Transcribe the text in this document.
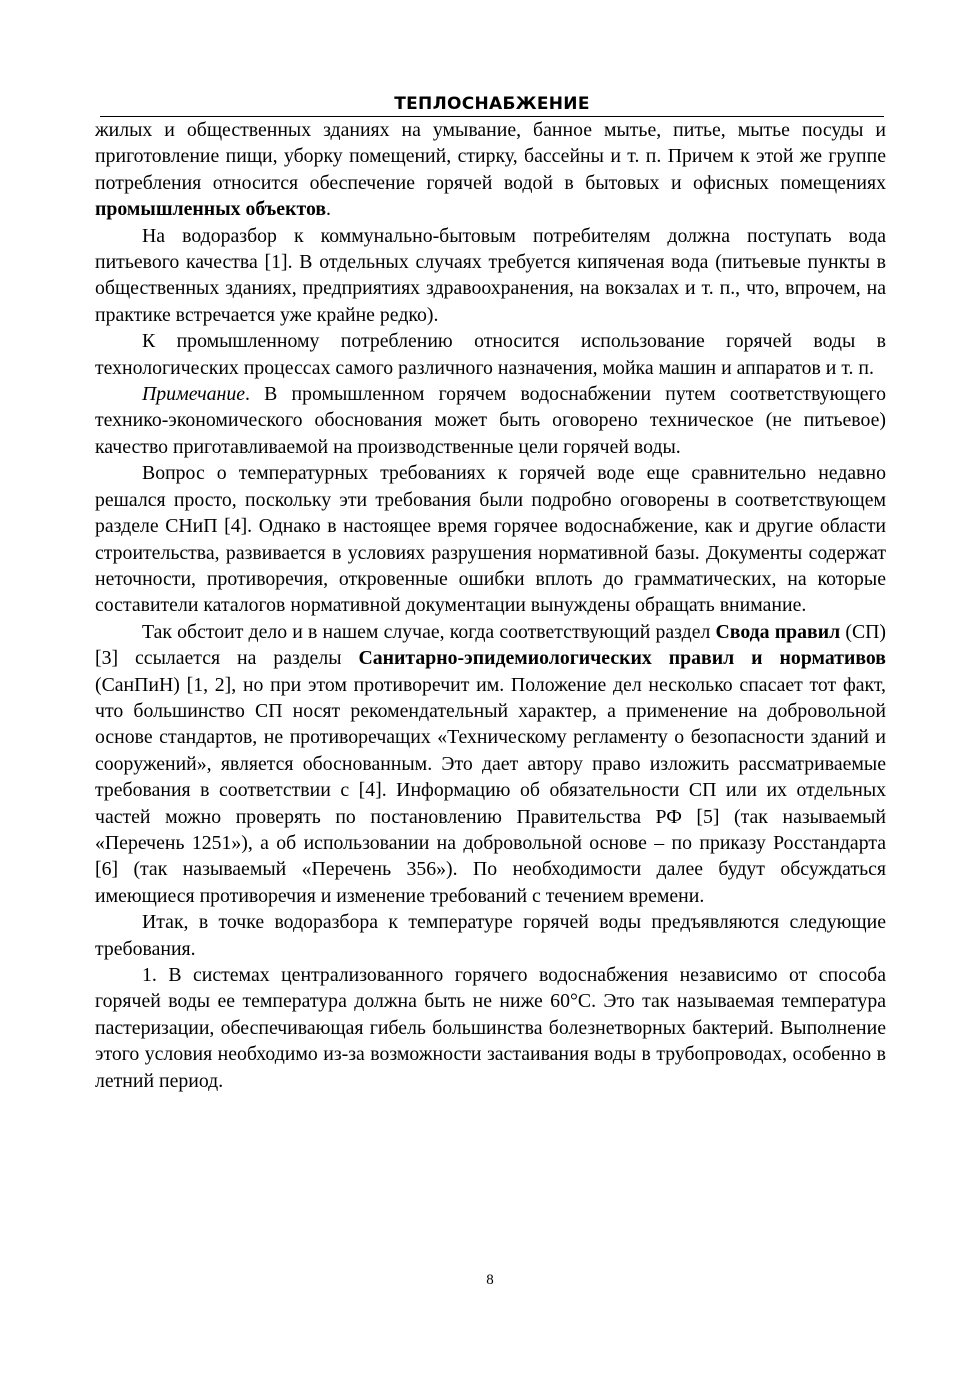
ТЕПЛОСНАБЖЕНИЕ

жилых и общественных зданиях на умывание, банное мытье, питье, мытье посуды и приготовление пищи, уборку помещений, стирку, бассейны и т. п. Причем к этой же группе потребления относится обеспечение горячей водой в бытовых и офисных помещениях промышленных объектов.

На водоразбор к коммунально-бытовым потребителям должна поступать вода питьевого качества [1]. В отдельных случаях требуется кипяченая вода (питьевые пункты в общественных зданиях, предприятиях здравоохранения, на вокзалах и т. п., что, впрочем, на практике встречается уже крайне редко).

К промышленному потреблению относится использование горячей воды в технологических процессах самого различного назначения, мойка машин и аппаратов и т. п.

Примечание. В промышленном горячем водоснабжении путем соответствующего технико-экономического обоснования может быть оговорено техническое (не питьевое) качество приготавливаемой на производственные цели горячей воды.

Вопрос о температурных требованиях к горячей воде еще сравнительно недавно решался просто, поскольку эти требования были подробно оговорены в соответствующем разделе СНиП [4]. Однако в настоящее время горячее водоснабжение, как и другие области строительства, развивается в условиях разрушения нормативной базы. Документы содержат неточности, противоречия, откровенные ошибки вплоть до грамматических, на которые составители каталогов нормативной документации вынуждены обращать внимание.

Так обстоит дело и в нашем случае, когда соответствующий раздел Свода правил (СП) [3] ссылается на разделы Санитарно-эпидемиологических правил и нормативов (СанПиН) [1, 2], но при этом противоречит им. Положение дел несколько спасает тот факт, что большинство СП носят рекомендательный характер, а применение на добровольной основе стандартов, не противоречащих «Техническому регламенту о безопасности зданий и сооружений», является обоснованным. Это дает автору право изложить рассматриваемые требования в соответствии с [4]. Информацию об обязательности СП или их отдельных частей можно проверять по постановлению Правительства РФ [5] (так называемый «Перечень 1251»), а об использовании на добровольной основе – по приказу Росстандарта [6] (так называемый «Перечень 356»). По необходимости далее будут обсуждаться имеющиеся противоречия и изменение требований с течением времени.

Итак, в точке водоразбора к температуре горячей воды предъявляются следующие требования.

1. В системах централизованного горячего водоснабжения независимо от способа горячей воды ее температура должна быть не ниже 60°С. Это так называемая температура пастеризации, обеспечивающая гибель большинства болезнетворных бактерий. Выполнение этого условия необходимо из-за возможности застаивания воды в трубопроводах, особенно в летний период.

8
